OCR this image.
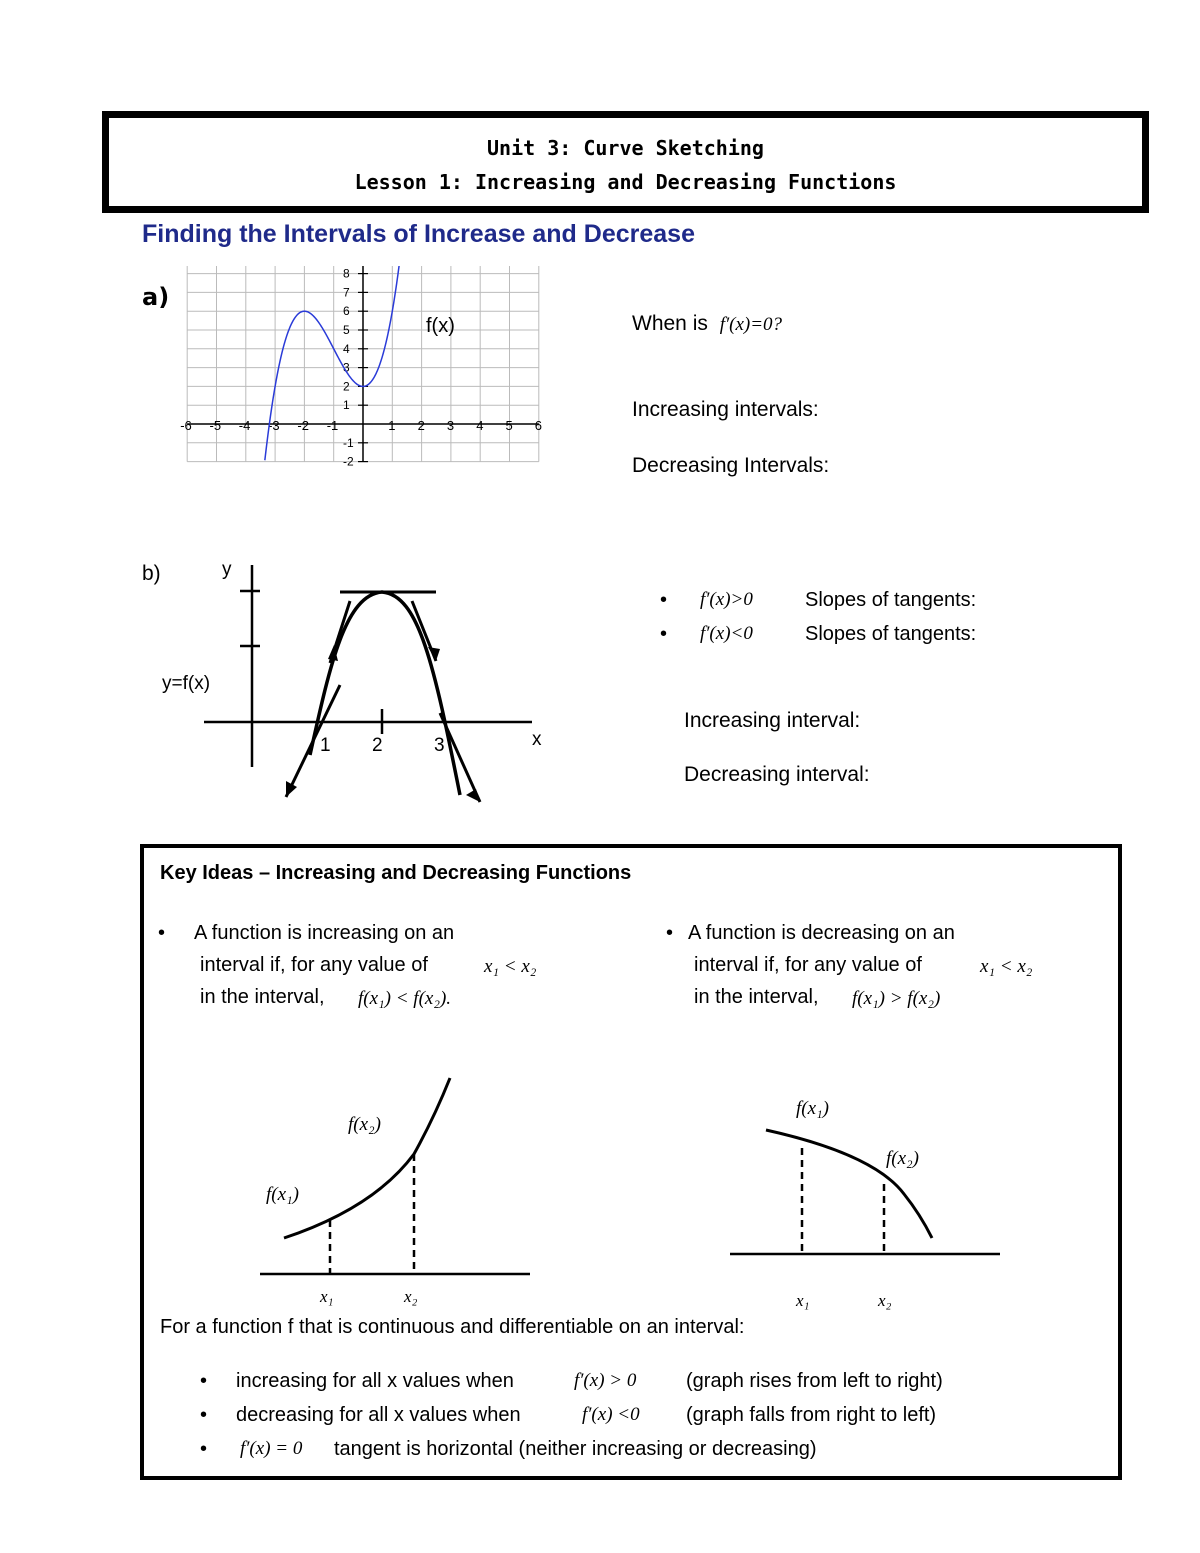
Unit 3: Curve Sketching
Lesson 1: Increasing and Decreasing Functions
Finding the Intervals of Increase and Decrease
a)
-6 -5 -4 -3 -2 -1	1 2 3 4 5 6
8
7
6
5
4
3
2
1
-1
-2
f(x)	When is f′(x)=0?
Increasing intervals:
Decreasing Intervals:
b)	y
x
y=f(x)
1 2	3
• f′(x)>0	Slopes of tangents:
• f′(x)<0	Slopes of tangents:
Increasing interval:
Decreasing interval:
Key Ideas – Increasing and Decreasing Functions
• A function is increasing on an
interval if, for any value of	x₁ < x₂
in the interval, f(x₁) < f(x₂).
• A function is decreasing on an
interval if, for any value of	x₁ < x₂
in the interval, f(x₁) > f(x₂)
f(x₁)
f(x₂)
x₁	x₂
f(x₁)
f(x₂)
x₁	x₂
For a function f that is continuous and differentiable on an interval:
• increasing for all x values when	f′(x) > 0 (graph rises from left to right)
• decreasing for all x values when	f′(x) <0 (graph falls from right to left)
• f′(x) = 0 tangent is horizontal (neither increasing or decreasing)
